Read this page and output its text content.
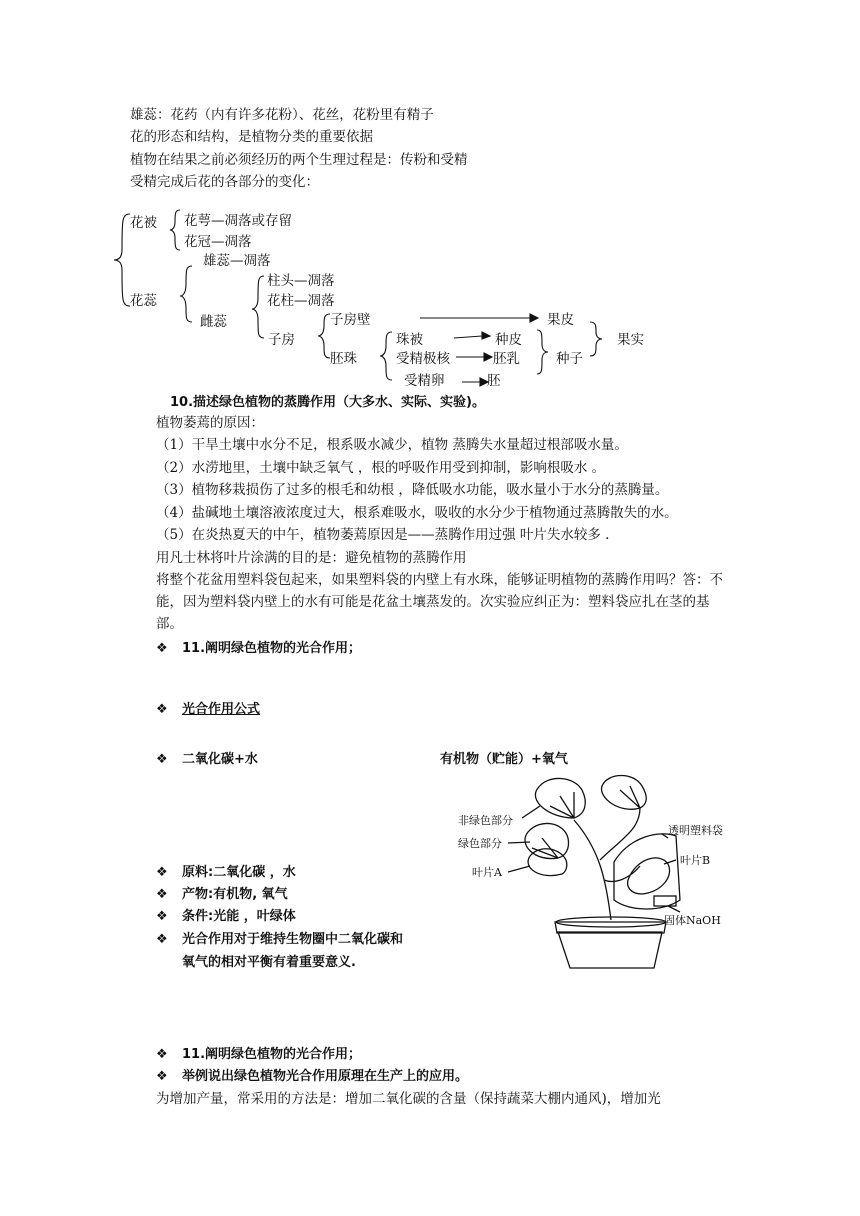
雄蕊：花药（内有许多花粉）、花丝，花粉里有精子
花的形态和结构，是植物分类的重要依据
植物在结果之前必须经历的两个生理过程是：传粉和受精
受精完成后花的各部分的变化：
花被 花萼—凋落或存留
花冠—凋落
雄蕊—凋落
花蕊
柱头—凋落
花柱—凋落
雌蕊	子房壁	果皮
子房	珠被	种皮	果实
胚珠	受精极核	胚乳	种子
受精卵	胚
10.描述绿色植物的蒸腾作用（大多水、实际、实验)。
植物萎蔫的原因：
（1）干旱土壤中水分不足，根系吸水减少，植物 蒸腾失水量超过根部吸水量。
（2）水涝地里，土壤中缺乏氧气 ，根的呼吸作用受到抑制，影响根吸水 。
（3）植物移栽损伤了过多的根毛和幼根 ，降低吸水功能，吸水量小于水分的蒸腾量。
（4）盐碱地土壤溶液浓度过大，根系难吸水，吸收的水分少于植物通过蒸腾散失的水。
（5）在炎热夏天的中午，植物萎蔫原因是——蒸腾作用过强 叶片失水较多 .
用凡士林将叶片涂满的目的是：避免植物的蒸腾作用
将整个花盆用塑料袋包起来，如果塑料袋的内壁上有水珠，能够证明植物的蒸腾作用吗？答：不能，因为塑料袋内壁上的水有可能是花盆土壤蒸发的。次实验应纠正为：塑料袋应扎在茎的基部。
❖ 11.阐明绿色植物的光合作用；
❖ 光合作用公式
❖ 二氧化碳+水	有机物（贮能）+氧气
❖ 原料:二氧化碳 ，水
❖ 产物:有机物, 氧气
❖ 条件:光能 ，叶绿体
❖ 光合作用对于维持生物圈中二氧化碳和
氧气的相对平衡有着重要意义.
非绿色部分
绿色部分
叶片A
透明塑料袋
叶片B
固体NaOH
❖ 11.阐明绿色植物的光合作用；
❖ 举例说出绿色植物光合作用原理在生产上的应用。
为增加产量，常采用的方法是：增加二氧化碳的含量（保持蔬菜大棚内通风)，增加光
